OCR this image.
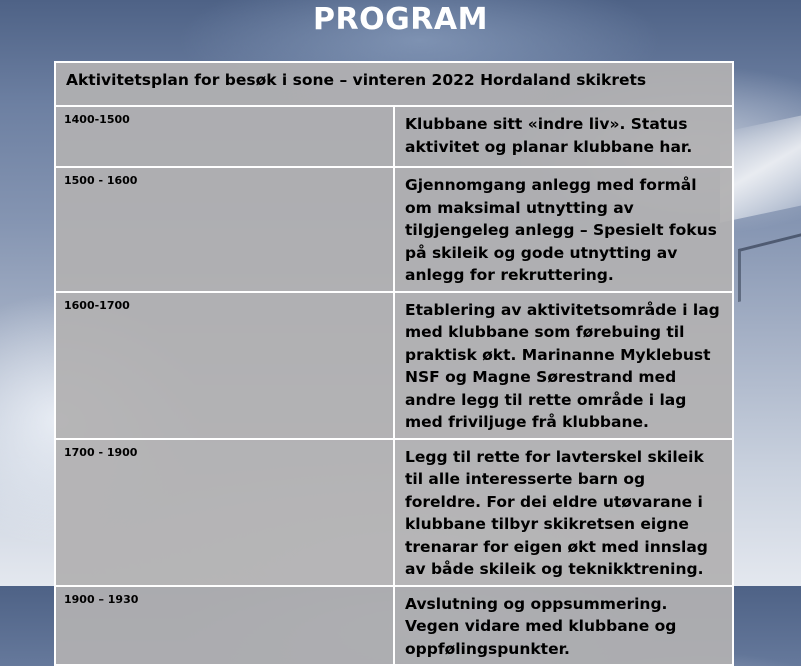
PROGRAM
Aktivitetsplan for besøk i sone – vinteren 2022 Hordaland skikrets	
1400-1500	Klubbane sitt «indre liv». Status aktivitet og planar klubbane har.
1500 - 1600	Gjennomgang anlegg med formål om maksimal utnytting av tilgjengeleg anlegg – Spesielt fokus på skileik og gode utnytting av anlegg for rekruttering.
1600-1700	Etablering av aktivitetsområde i lag med klubbane som førebuing til praktisk økt. Marinanne Myklebust NSF og Magne Sørestrand med andre legg til rette område i lag med friviljuge frå klubbane.
1700 - 1900	Legg til rette for lavterskel skileik til alle interesserte barn og foreldre. For dei eldre utøvarane i klubbane tilbyr skikretsen eigne trenarar for eigen økt med innslag av både skileik og teknikktrening.
1900 – 1930	Avslutning og oppsummering. Vegen vidare med klubbane og oppfølingspunkter.
